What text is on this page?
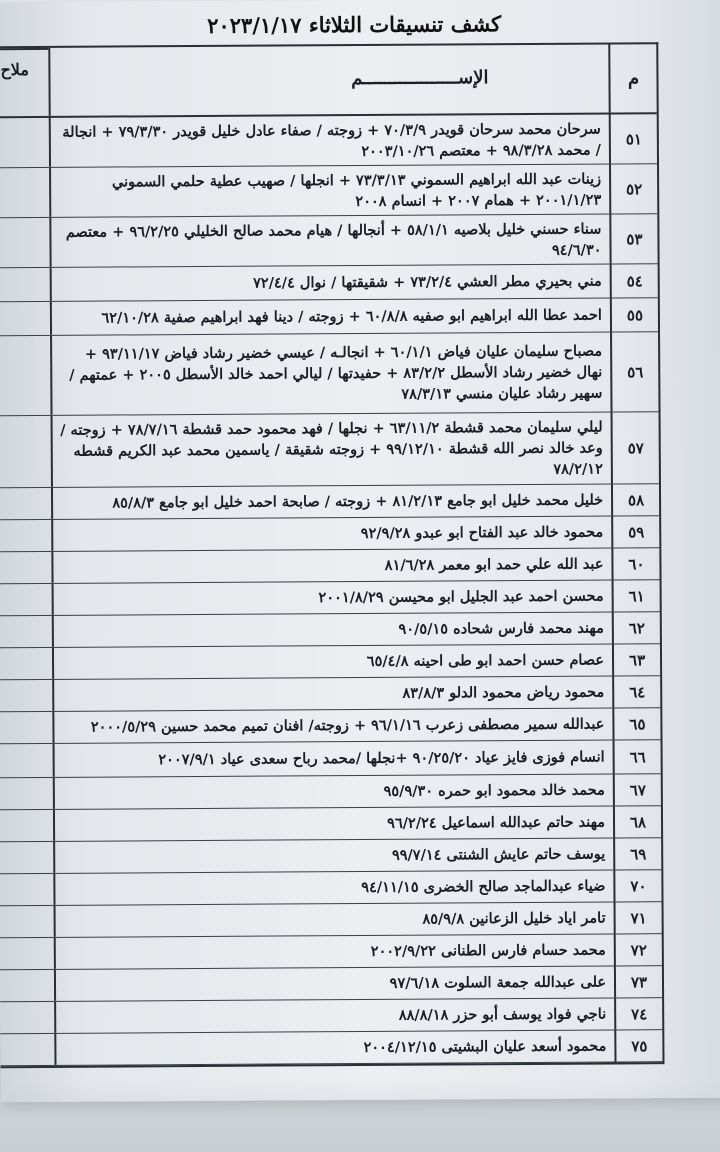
كشف تنسيقات الثلاثاء ٢٠٢٣/١/١٧
م
الإســــــــــــــــــم
ملاح
٥١
سرحان محمد سرحان قويدر ٧٠/٣/٩ + زوجته / صفاء عادل خليل قويدر ٧٩/٣/٣٠ + انجالة / محمد ٩٨/٣/٢٨ + معتصم ٢٠٠٣/١٠/٢٦
٥٢
زينات عبد الله ابراهيم السموني ٧٣/٣/١٣ + انجلها / صهيب عطية حلمي السموني ٢٠٠١/١/٢٣ + همام ٢٠٠٧ + انسام ٢٠٠٨
٥٣
سناء حسني خليل بلاصيه ٥٨/١/١ + أنجالها / هيام محمد صالح الخليلي ٩٦/٢/٢٥ + معتصم ٩٤/٦/٣٠
٥٤
مني بحيري مطر العشي ٧٣/٢/٤ + شقيقتها / نوال ٧٢/٤/٤
٥٥
احمد عطا الله ابراهيم ابو صفيه ٦٠/٨/٨ + زوجته / دينا فهد ابراهيم صفية ٦٢/١٠/٢٨
٥٦
مصباح سليمان عليان فياض ٦٠/١/١ + انجالـه / عيسي خضير رشاد فياض ٩٣/١١/١٧ + نهال خضير رشاد الأسطل ٨٣/٢/٢ + حفيدتها / ليالي احمد خالد الأسطل ٢٠٠٥ + عمتهم / سهير رشاد عليان منسي ٧٨/٣/١٣
٥٧
ليلي سليمان محمد قشطة ٦٣/١١/٢ + نجلها / فهد محمود حمد قشطة ٧٨/٧/١٦ + زوجته / وعد خالد نصر الله قشطة ٩٩/١٢/١٠ + زوجته شقيقة / ياسمين محمد عبد الكريم قشطه ٧٨/٢/١٢
٥٨
خليل محمد خليل ابو جامع ٨١/٢/١٣ + زوجته / صابحة احمد خليل ابو جامع ٨٥/٨/٣
٥٩
محمود خالد عبد الفتاح ابو عبدو ٩٢/٩/٢٨
٦٠
عبد الله علي حمد ابو معمر ٨١/٦/٢٨
٦١
محسن احمد عبد الجليل ابو محيسن ٢٠٠١/٨/٢٩
٦٢
مهند محمد فارس شحاده ٩٠/٥/١٥
٦٣
عصام حسن احمد ابو طى احينه ٦٥/٤/٨
٦٤
محمود رياض محمود الدلو ٨٣/٨/٣
٦٥
عبدالله سمير مصطفى زعرب ٩٦/١/١٦ + زوجته/ افنان تميم محمد حسين ٢٠٠٠/٥/٢٩
٦٦
انسام فوزى فايز عياد ٩٠/٢٥/٢٠ +نجلها /محمد رباح سعدى عياد ٢٠٠٧/٩/١
٦٧
محمد خالد محمود ابو حمره ٩٥/٩/٣٠
٦٨
مهند حاتم عبدالله اسماعيل ٩٦/٢/٢٤
٦٩
يوسف حاتم عايش الشنتى ٩٩/٧/١٤
٧٠
ضياء عبدالماجد صالح الخضرى ٩٤/١١/١٥
٧١
تامر اياد خليل الزعانين ٨٥/٩/٨
٧٢
محمد حسام فارس الطنانى ٢٠٠٢/٩/٢٢
٧٣
على عبدالله جمعة السلوت ٩٧/٦/١٨
٧٤
ناجي فواد يوسف أبو حزر ٨٨/٨/١٨
٧٥
محمود أسعد عليان البشيتى ٢٠٠٤/١٢/١٥
